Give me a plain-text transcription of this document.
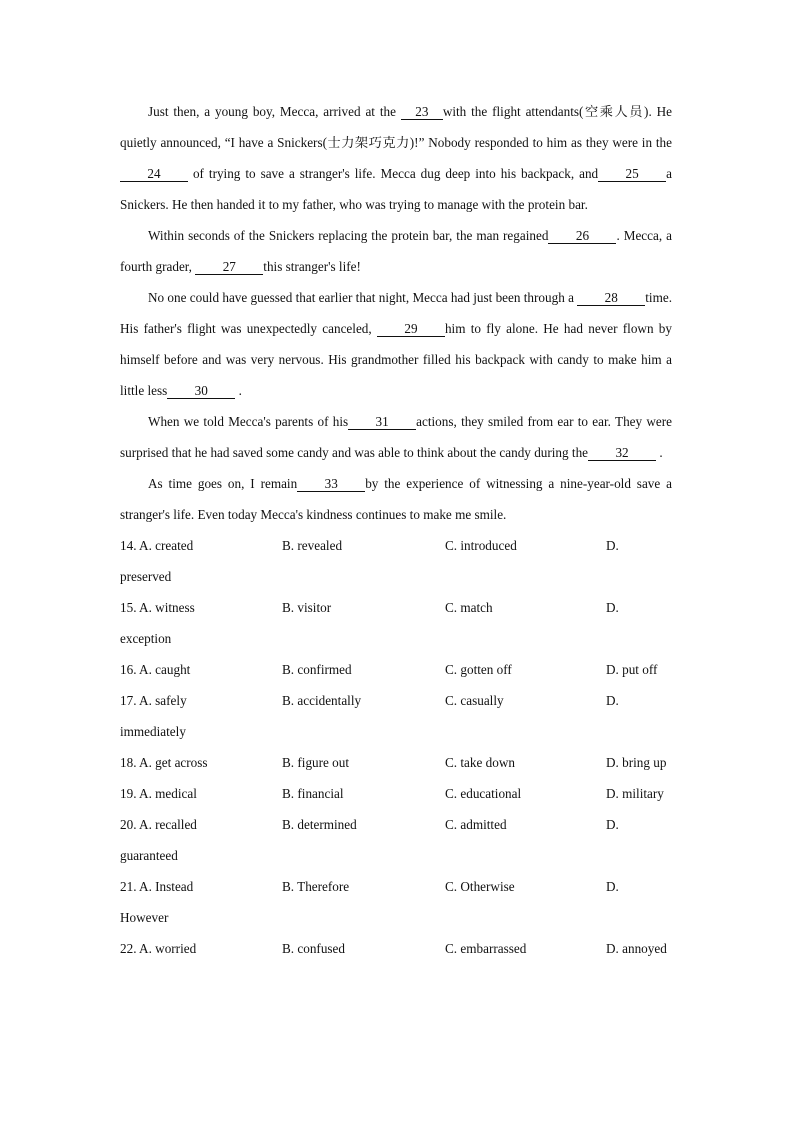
Just then, a young boy, Mecca, arrived at the 23 with the flight attendants(空乘人员). He quietly announced, “I have a Snickers(士力架巧克力)!” Nobody responded to him as they were in the24 of trying to save a stranger's life. Mecca dug deep into his backpack, and 25 a Snickers. He then handed it to my father, who was trying to manage with the protein bar.

Within seconds of the Snickers replacing the protein bar, the man regained 26 . Mecca, a fourth grader, 27 this stranger's life!

No one could have guessed that earlier that night, Mecca had just been through a 28 time. His father's flight was unexpectedly canceled, 29 him to fly alone. He had never flown by himself before and was very nervous. His grandmother filled his backpack with candy to make him a little less 30 .

When we told Mecca's parents of his 31 actions, they smiled from ear to ear. They were surprised that he had saved some candy and was able to think about the candy during the 32 .

As time goes on, I remain 33 by the experience of witnessing a nine-year-old save a stranger's life. Even today Mecca's kindness continues to make me smile.

14. A. created	B. revealed	C. introduced	D.
preserved
15. A. witness	B. visitor	C. match	D.
exception
16. A. caught	B. confirmed	C. gotten off	D. put off
17. A. safely	B. accidentally	C. casually	D.
immediately
18. A. get across	B. figure out	C. take down	D. bring up
19. A. medical	B. financial	C. educational	D. military
20. A. recalled	B. determined	C. admitted	D.
guaranteed
21. A. Instead	B. Therefore	C. Otherwise	D.
However
22. A. worried	B. confused	C. embarrassed	D. annoyed
